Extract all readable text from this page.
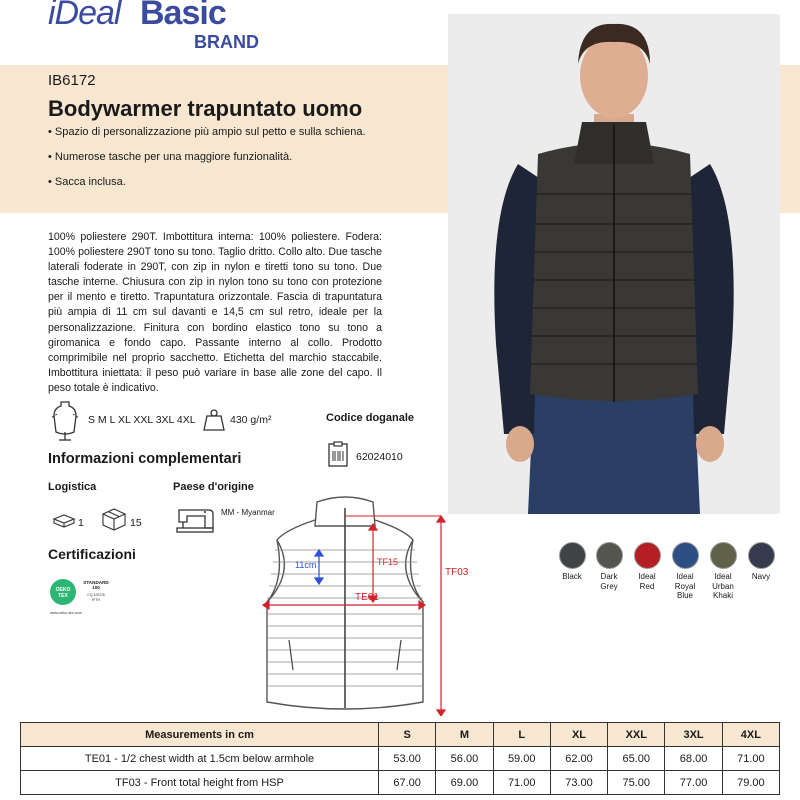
iDeal Basic
BRAND
IB6172
Bodywarmer trapuntato uomo
• Spazio di personalizzazione più ampio sul petto e sulla schiena.
• Numerose tasche per una maggiore funzionalità.
• Sacca inclusa.
100% poliestere 290T. Imbottitura interna: 100% poliestere. Fodera: 100% poliestere 290T tono su tono. Taglio dritto. Collo alto. Due tasche laterali foderate in 290T, con zip in nylon e tiretti tono su tono. Due tasche interne. Chiusura con zip in nylon tono su tono con protezione per il mento e tiretto. Trapuntatura orizzontale. Fascia di trapuntatura più ampia di 11 cm sul davanti e 14,5 cm sul retro, ideale per la personalizzazione. Finitura con bordino elastico tono su tono a giromanica e fondo capo. Passante interno al collo. Prodotto comprimibile nel proprio sacchetto. Etichetta del marchio staccabile. Imbottitura iniettata: il peso può variare in base alle zone del capo. Il peso totale è indicativo.
S M L XL XXL 3XL 4XL	430 g/m²	Codice doganale
62024010
Informazioni complementari
Logistica	Paese d'origine
1	15
MM - Myanmar
Certificazioni
OEKO
TEX
STANDARD
100
CQ 1007/8
IFTH
www.oeko-tex.com
Black	Dark Grey
Ideal Red
Ideal Royal Blue
Ideal Urban Khaki
Navy
11cm	TF15
TE01
TF03
Measurements in cm	S	M	L	XL	XXL	3XL	4XL
TE01 - 1/2 chest width at 1.5cm below armhole	53.00	56.00	59.00	62.00	65.00	68.00	71.00
TF03 - Front total height from HSP	67.00	69.00	71.00	73.00	75.00	77.00	79.00
